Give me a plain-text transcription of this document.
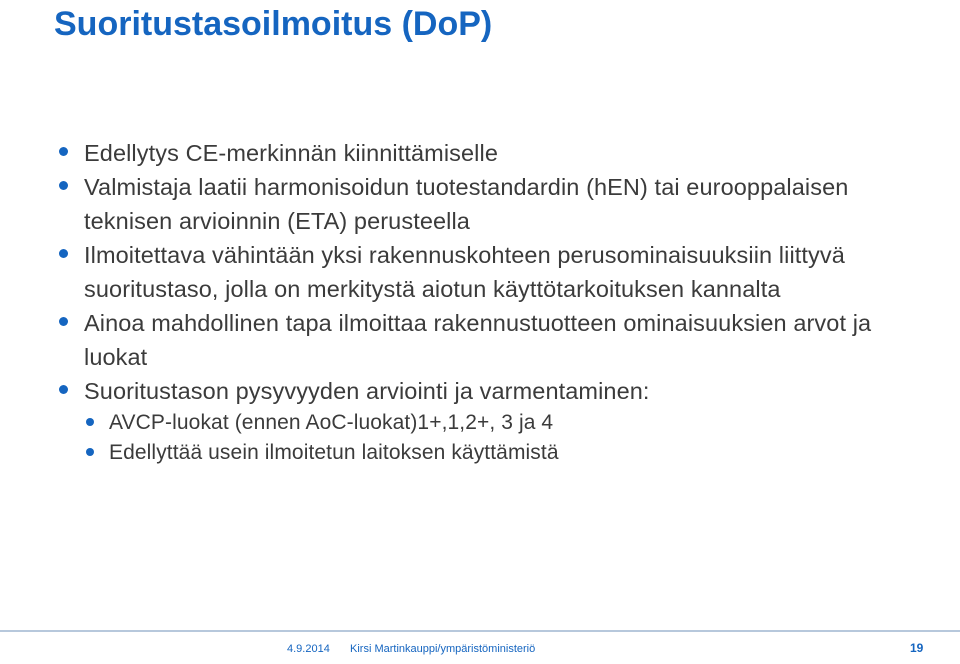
Suoritustasoilmoitus (DoP)
Edellytys CE-merkinnän kiinnittämiselle
Valmistaja laatii harmonisoidun tuotestandardin (hEN) tai eurooppalaisen teknisen arvioinnin (ETA) perusteella
Ilmoitettava vähintään yksi rakennuskohteen perusominaisuuksiin liittyvä suoritustaso, jolla on merkitystä aiotun käyttötarkoituksen kannalta
Ainoa mahdollinen tapa ilmoittaa rakennustuotteen ominaisuuksien arvot ja luokat
Suoritustason pysyvyyden arviointi ja varmentaminen:
AVCP-luokat (ennen AoC-luokat)1+,1,2+, 3 ja 4
Edellyttää usein ilmoitetun laitoksen käyttämistä
4.9.2014 Kirsi Martinkauppi/ympäristöministeriö	19
